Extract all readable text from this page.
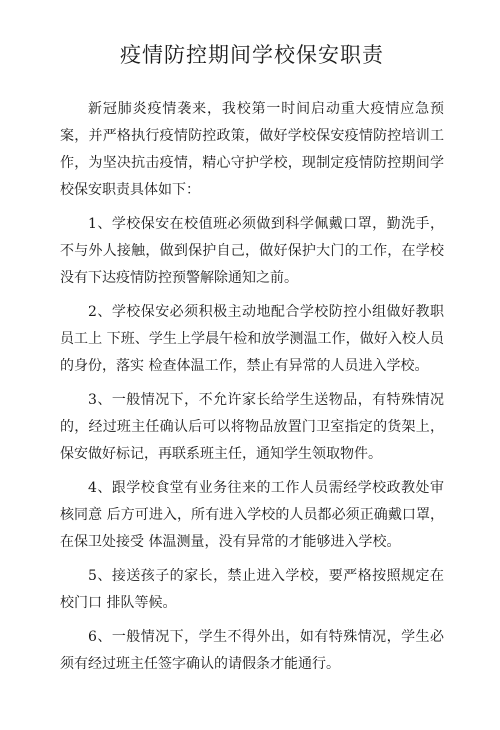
疫情防控期间学校保安职责

新冠肺炎疫情袭来，我校第一时间启动重大疫情应急预案，并严格执行疫情防控政策，做好学校保安疫情防控培训工作，为坚决抗击疫情，精心守护学校，现制定疫情防控期间学校保安职责具体如下：

1、学校保安在校值班必须做到科学佩戴口罩，勤洗手，不与外人接触，做到保护自己，做好保护大门的工作，在学校没有下达疫情防控预警解除通知之前。

2、学校保安必须积极主动地配合学校防控小组做好教职员工上 下班、学生上学晨午检和放学测温工作，做好入校人员的身份，落实 检查体温工作，禁止有异常的人员进入学校。

3、一般情况下，不允许家长给学生送物品，有特殊情况的，经过班主任确认后可以将物品放置门卫室指定的货架上，保安做好标记，再联系班主任，通知学生领取物件。

4、跟学校食堂有业务往来的工作人员需经学校政教处审核同意 后方可进入，所有进入学校的人员都必须正确戴口罩，在保卫处接受 体温测量，没有异常的才能够进入学校。

5、接送孩子的家长，禁止进入学校，要严格按照规定在校门口 排队等候。

6、一般情况下，学生不得外出，如有特殊情况，学生必须有经过班主任签字确认的请假条才能通行。
